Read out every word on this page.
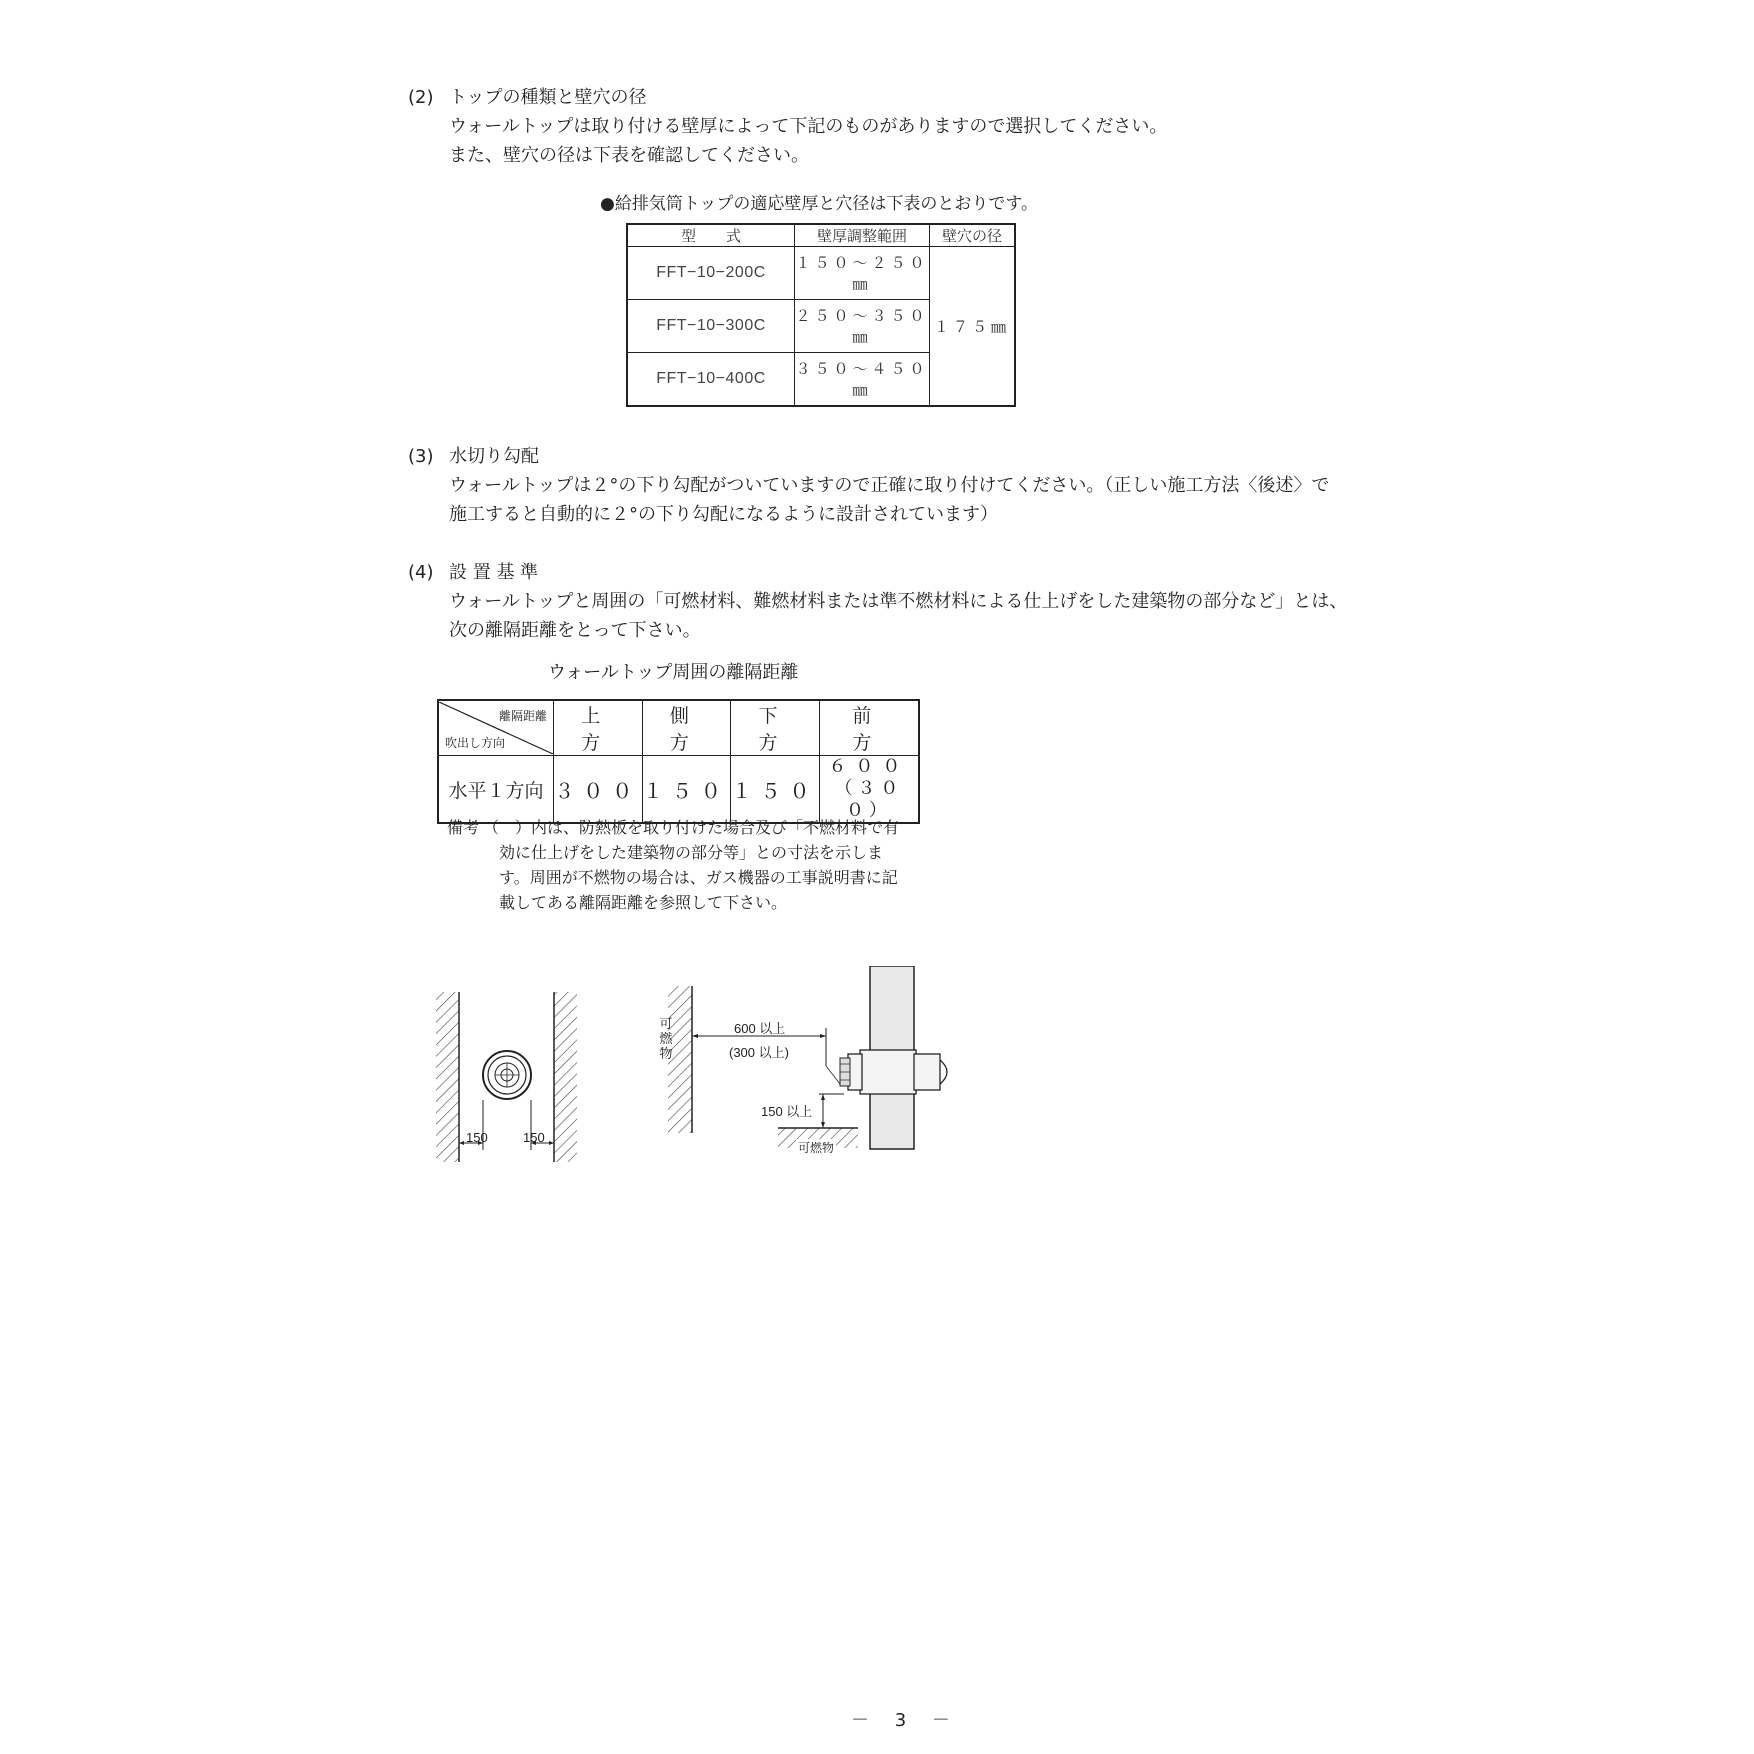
(2) トップの種類と壁穴の径
ウォールトップは取り付ける壁厚によって下記のものがありますので選択してください。
また、壁穴の径は下表を確認してください。
●給排気筒トップの適応壁厚と穴径は下表のとおりです。
型　　式	壁厚調整範囲	壁穴の径
FFT−10−200C	１５０〜２５０㎜	１７５㎜
FFT−10−300C	２５０〜３５０㎜	
FFT−10−400C	３５０〜４５０㎜	
(3) 水切り勾配
ウォールトップは２°の下り勾配がついていますので正確に取り付けてください。（正しい施工方法〈後述〉で
施工すると自動的に２°の下り勾配になるように設計されています）
(4) 設 置 基 準
ウォールトップと周囲の「可燃材料、難燃材料または準不燃材料による仕上げをした建築物の部分など」とは、
次の離隔距離をとって下さい。
ウォールトップ周囲の離隔距離
離隔距離
吹出し方向	上　方	側　方	下　方	前　方
水平１方向	３００	１５０	１５０	６００
（３００）
備考 （　）内は、防熱板を取り付けた場合及び「不燃材料で有
効に仕上げをした建築物の部分等」との寸法を示しま
す。周囲が不燃物の場合は、ガス機器の工事説明書に記
載してある離隔距離を参照して下さい。
150	150
可燃物
600 以上
(300 以上)
150 以上
可燃物
－ 3 －
